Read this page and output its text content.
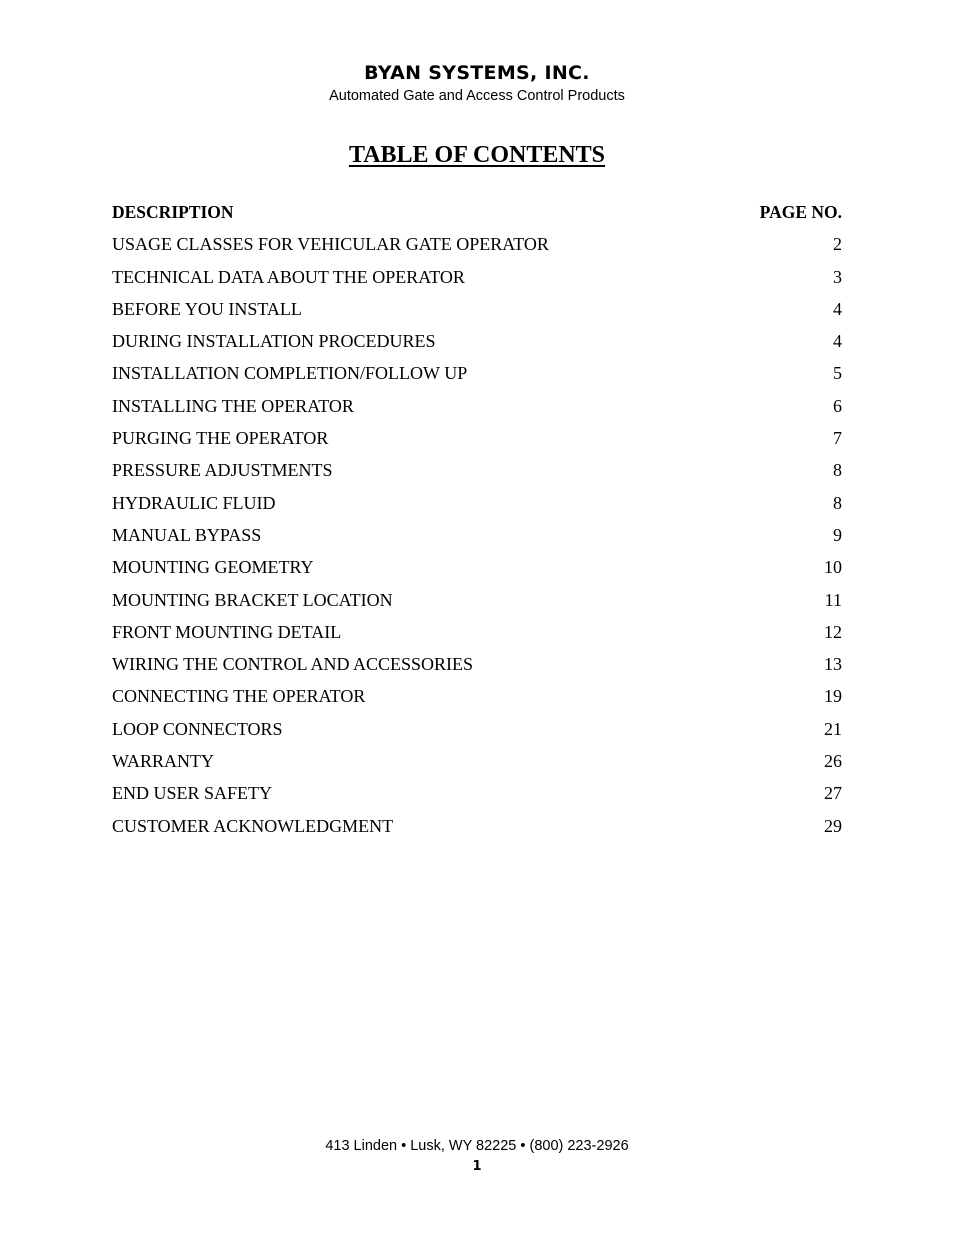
BYAN SYSTEMS, INC.
Automated Gate and Access Control Products
TABLE OF CONTENTS
DESCRIPTION	PAGE NO.
USAGE CLASSES FOR VEHICULAR GATE OPERATOR	2
TECHNICAL DATA ABOUT THE OPERATOR	3
BEFORE YOU INSTALL	4
DURING INSTALLATION PROCEDURES	4
INSTALLATION COMPLETION/FOLLOW UP	5
INSTALLING THE OPERATOR	6
PURGING THE OPERATOR	7
PRESSURE ADJUSTMENTS	8
HYDRAULIC FLUID	8
MANUAL BYPASS	9
MOUNTING GEOMETRY	10
MOUNTING BRACKET LOCATION	11
FRONT MOUNTING DETAIL	12
WIRING THE CONTROL AND ACCESSORIES	13
CONNECTING THE OPERATOR	19
LOOP CONNECTORS	21
WARRANTY	26
END USER SAFETY	27
CUSTOMER ACKNOWLEDGMENT	29
413 Linden • Lusk, WY 82225 • (800) 223-2926
1
